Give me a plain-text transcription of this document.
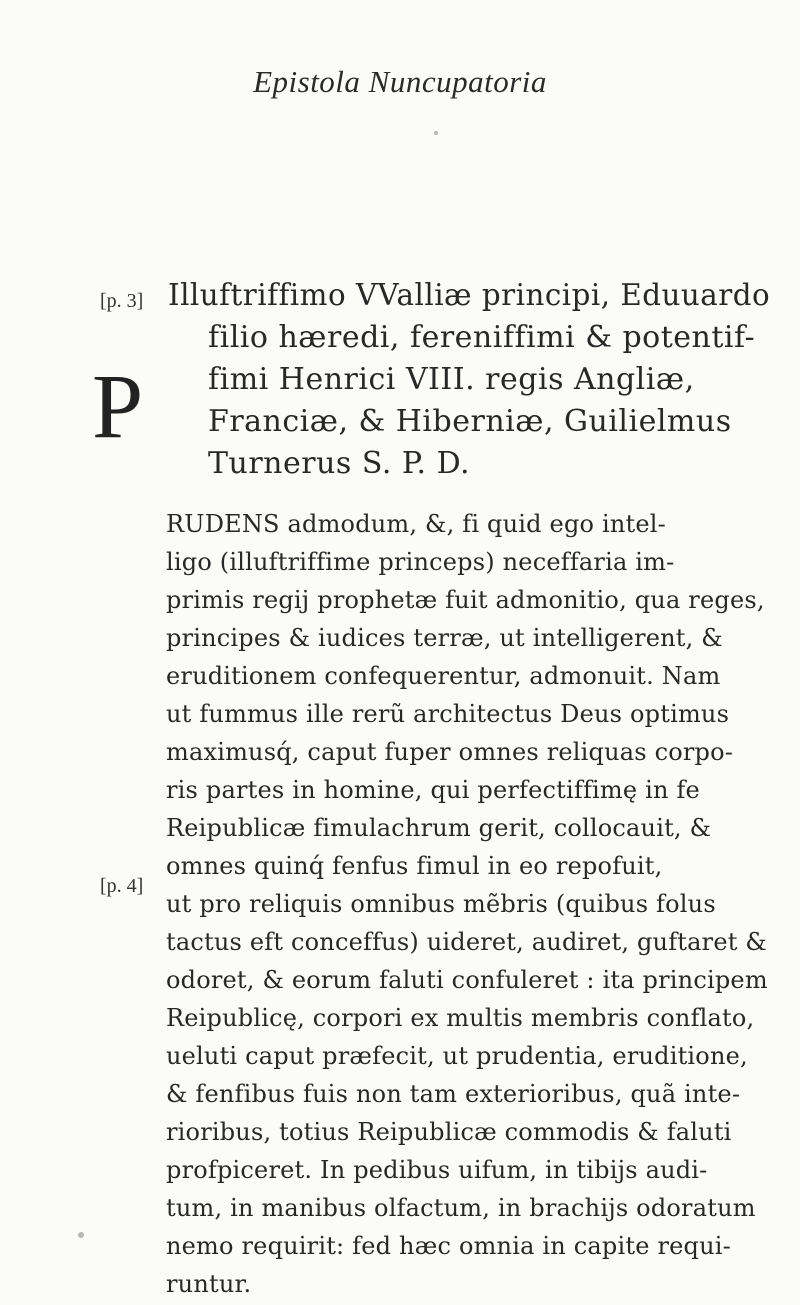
Epistola Nuncupatoria
[p. 3]
[p. 4]
Illuftriffimo VValliæ principi, Eduuardo
filio hæredi, fereniffimi & potentif-
fimi Henrici VIII. regis Angliæ,
Franciæ, & Hiberniæ, Guilielmus
Turnerus S. P. D.
P
RUDENS admodum, &, fi quid ego intel-
ligo (illuftriffime princeps) neceffaria im-
primis regij prophetæ fuit admonitio, qua reges,
principes & iudices terræ, ut intelligerent, &
eruditionem confequerentur, admonuit. Nam
ut fummus ille rerũ architectus Deus optimus
maximusq́, caput fuper omnes reliquas corpo-
ris partes in homine, qui perfectiffimę in fe
Reipublicæ fimulachrum gerit, collocauit, &
omnes quinq́ fenfus fimul in eo repofuit,
ut pro reliquis omnibus mẽbris (quibus folus
tactus eft conceffus) uideret, audiret, guftaret &
odoret, & eorum faluti confuleret : ita principem
Reipublicę, corpori ex multis membris conflato,
ueluti caput præfecit, ut prudentia, eruditione,
& fenfibus fuis non tam exterioribus, quã inte-
rioribus, totius Reipublicæ commodis & faluti
profpiceret. In pedibus uifum, in tibijs audi-
tum, in manibus olfactum, in brachijs odoratum
nemo requirit: fed hæc omnia in capite requi-
runtur.
